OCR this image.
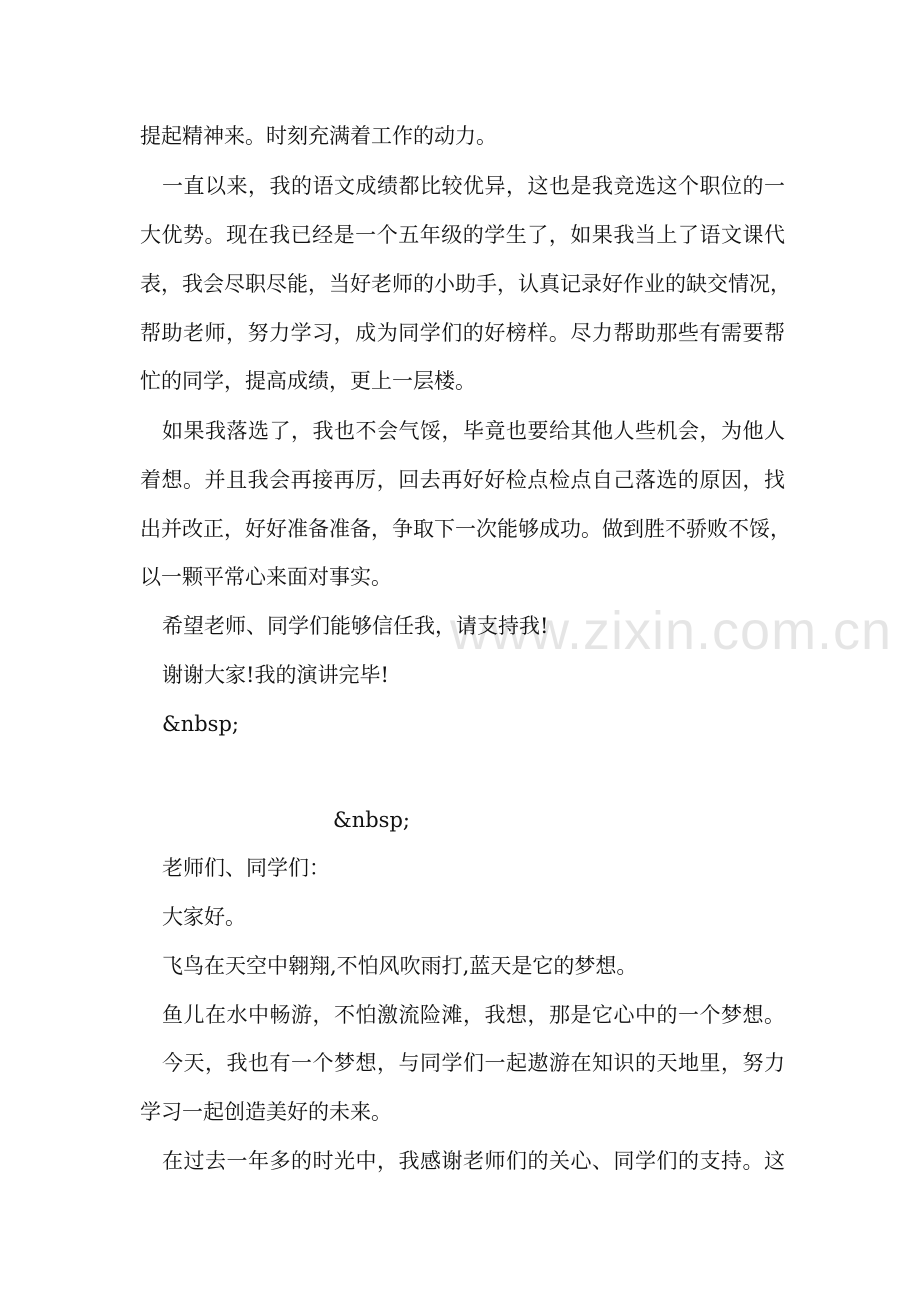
www.zixin.com.cn
提起精神来。时刻充满着工作的动力。
一直以来，我的语文成绩都比较优异，这也是我竞选这个职位的一
大优势。现在我已经是一个五年级的学生了，如果我当上了语文课代
表，我会尽职尽能，当好老师的小助手，认真记录好作业的缺交情况，
帮助老师，努力学习，成为同学们的好榜样。尽力帮助那些有需要帮
忙的同学，提高成绩，更上一层楼。
如果我落选了，我也不会气馁，毕竟也要给其他人些机会，为他人
着想。并且我会再接再厉，回去再好好检点检点自己落选的原因，找
出并改正，好好准备准备，争取下一次能够成功。做到胜不骄败不馁，
以一颗平常心来面对事实。
希望老师、同学们能够信任我，请支持我!
谢谢大家!我的演讲完毕!
&nbsp;
&nbsp;
老师们、同学们：
大家好。
飞鸟在天空中翱翔,不怕风吹雨打,蓝天是它的梦想。
鱼儿在水中畅游，不怕激流险滩，我想，那是它心中的一个梦想。
今天，我也有一个梦想，与同学们一起遨游在知识的天地里，努力
学习一起创造美好的未来。
在过去一年多的时光中，我感谢老师们的关心、同学们的支持。这
